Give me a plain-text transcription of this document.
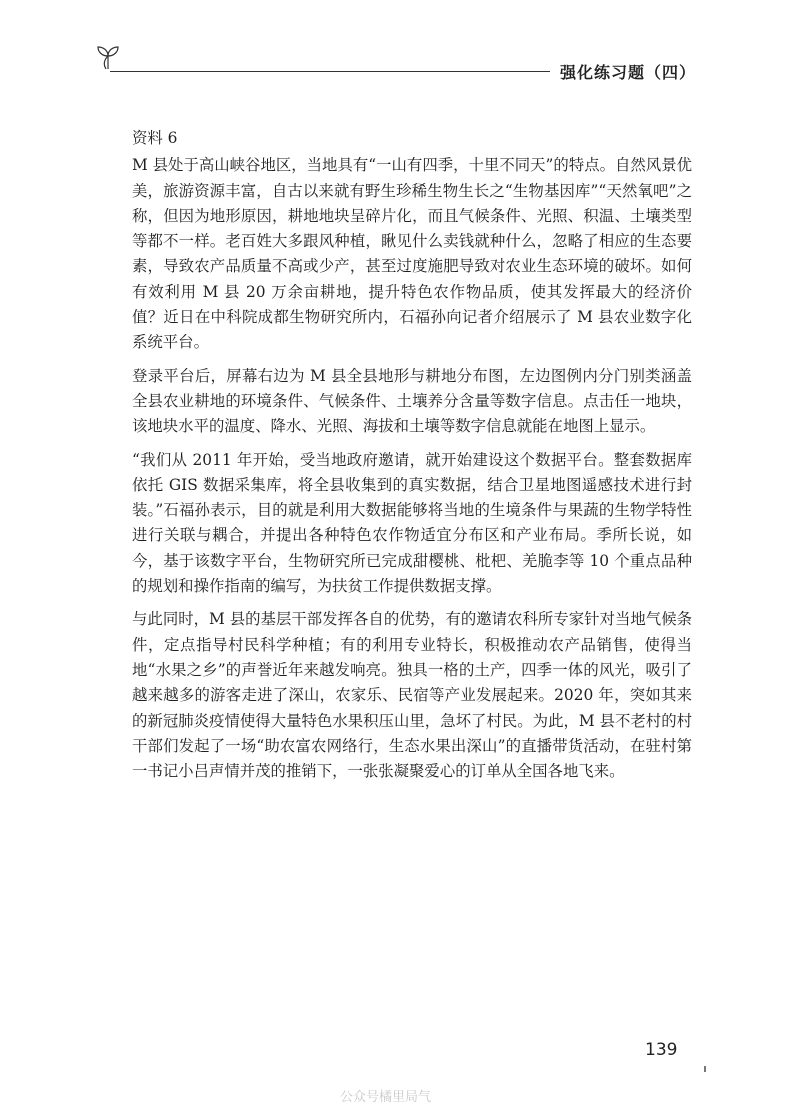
强化练习题（四）
资料 6

M 县处于高山峡谷地区，当地具有“一山有四季，十里不同天”的特点。自然风景优美，旅游资源丰富，自古以来就有野生珍稀生物生长之“生物基因库”“天然氧吧”之称，但因为地形原因，耕地地块呈碎片化，而且气候条件、光照、积温、土壤类型等都不一样。老百姓大多跟风种植，瞅见什么卖钱就种什么，忽略了相应的生态要素，导致农产品质量不高或少产，甚至过度施肥导致对农业生态环境的破坏。如何有效利用 M 县 20 万余亩耕地，提升特色农作物品质，使其发挥最大的经济价值？近日在中科院成都生物研究所内，石福孙向记者介绍展示了 M 县农业数字化系统平台。

登录平台后，屏幕右边为 M 县全县地形与耕地分布图，左边图例内分门别类涵盖全县农业耕地的环境条件、气候条件、土壤养分含量等数字信息。点击任一地块，该地块水平的温度、降水、光照、海拔和土壤等数字信息就能在地图上显示。

“我们从 2011 年开始，受当地政府邀请，就开始建设这个数据平台。整套数据库依托 GIS 数据采集库，将全县收集到的真实数据，结合卫星地图遥感技术进行封装。”石福孙表示，目的就是利用大数据能够将当地的生境条件与果蔬的生物学特性进行关联与耦合，并提出各种特色农作物适宜分布区和产业布局。季所长说，如今，基于该数字平台，生物研究所已完成甜樱桃、枇杷、羌脆李等 10 个重点品种的规划和操作指南的编写，为扶贫工作提供数据支撑。

与此同时，M 县的基层干部发挥各自的优势，有的邀请农科所专家针对当地气候条件，定点指导村民科学种植；有的利用专业特长，积极推动农产品销售，使得当地“水果之乡”的声誉近年来越发响亮。独具一格的土产，四季一体的风光，吸引了越来越多的游客走进了深山，农家乐、民宿等产业发展起来。2020 年，突如其来的新冠肺炎疫情使得大量特色水果积压山里，急坏了村民。为此，M 县不老村的村干部们发起了一场“助农富农网络行，生态水果出深山”的直播带货活动，在驻村第一书记小吕声情并茂的推销下，一张张凝聚爱心的订单从全国各地飞来。

139
公众号橘里局气
